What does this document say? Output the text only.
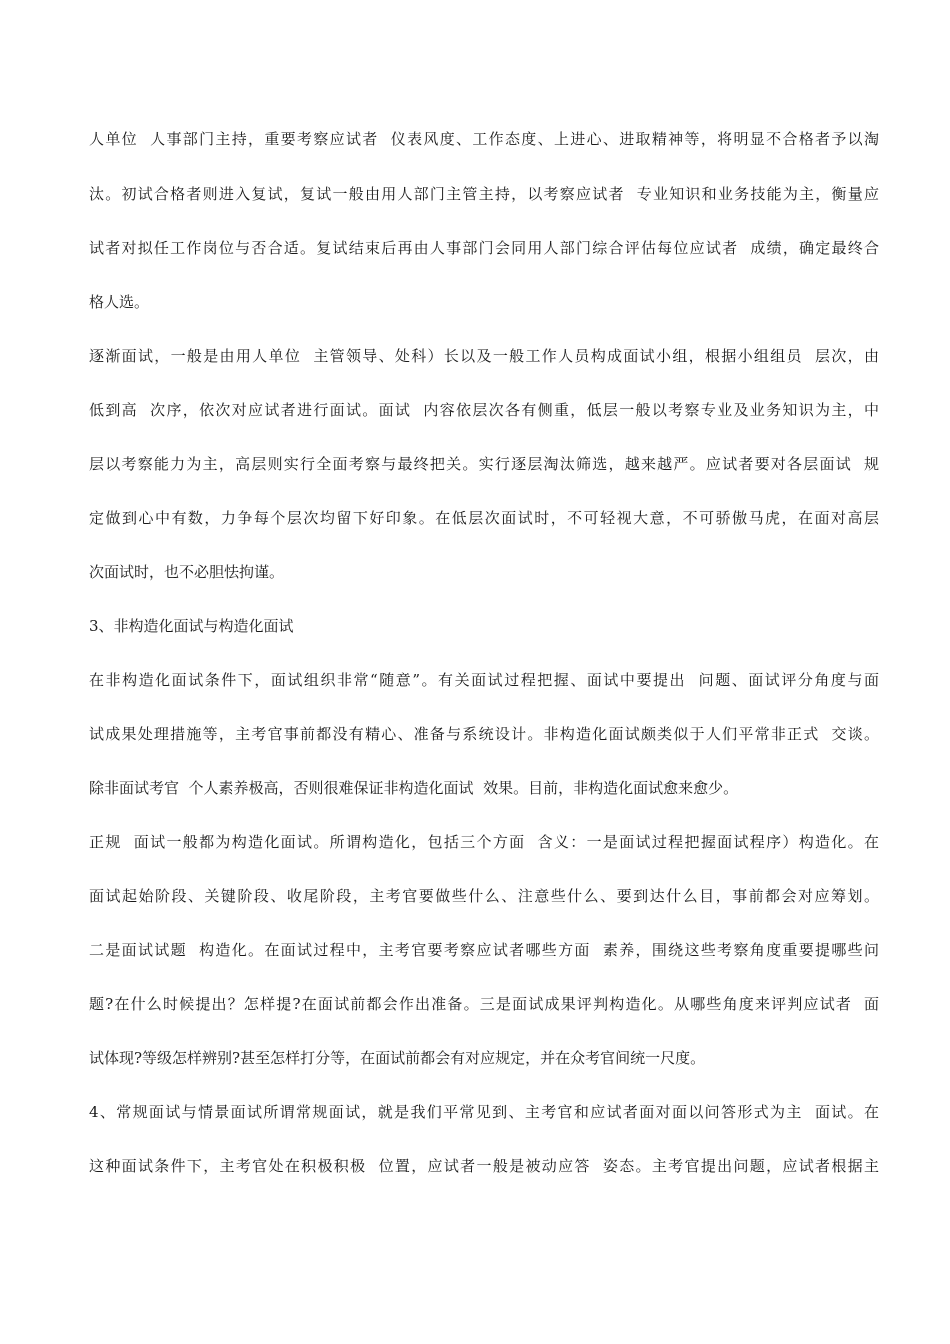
人单位  人事部门主持，重要考察应试者  仪表风度、工作态度、上进心、进取精神等，将明显不合格者予以淘
汰。初试合格者则进入复试，复试一般由用人部门主管主持，以考察应试者  专业知识和业务技能为主，衡量应
试者对拟任工作岗位与否合适。复试结束后再由人事部门会同用人部门综合评估每位应试者  成绩，确定最终合
格人选。
逐渐面试，一般是由用人单位  主管领导、处科）长以及一般工作人员构成面试小组，根据小组组员  层次，由
低到高  次序，依次对应试者进行面试。面试  内容依层次各有侧重，低层一般以考察专业及业务知识为主，中
层以考察能力为主，高层则实行全面考察与最终把关。实行逐层淘汰筛选，越来越严。应试者要对各层面试  规
定做到心中有数，力争每个层次均留下好印象。在低层次面试时，不可轻视大意，不可骄傲马虎，在面对高层
次面试时，也不必胆怯拘谨。
3、非构造化面试与构造化面试
在非构造化面试条件下，面试组织非常“随意”。有关面试过程把握、面试中要提出  问题、面试评分角度与面
试成果处理措施等，主考官事前都没有精心、准备与系统设计。非构造化面试颇类似于人们平常非正式  交谈。
除非面试考官  个人素养极高，否则很难保证非构造化面试  效果。目前，非构造化面试愈来愈少。
正规  面试一般都为构造化面试。所谓构造化，包括三个方面  含义：一是面试过程把握面试程序）构造化。在
面试起始阶段、关键阶段、收尾阶段，主考官要做些什么、注意些什么、要到达什么目，事前都会对应筹划。
二是面试试题  构造化。在面试过程中，主考官要考察应试者哪些方面  素养，围绕这些考察角度重要提哪些问
题?在什么时候提出？怎样提?在面试前都会作出准备。三是面试成果评判构造化。从哪些角度来评判应试者  面
试体现?等级怎样辨别?甚至怎样打分等，在面试前都会有对应规定，并在众考官间统一尺度。
4、常规面试与情景面试所谓常规面试，就是我们平常见到、主考官和应试者面对面以问答形式为主  面试。在
这种面试条件下，主考官处在积极积极  位置，应试者一般是被动应答  姿态。主考官提出问题，应试者根据主
